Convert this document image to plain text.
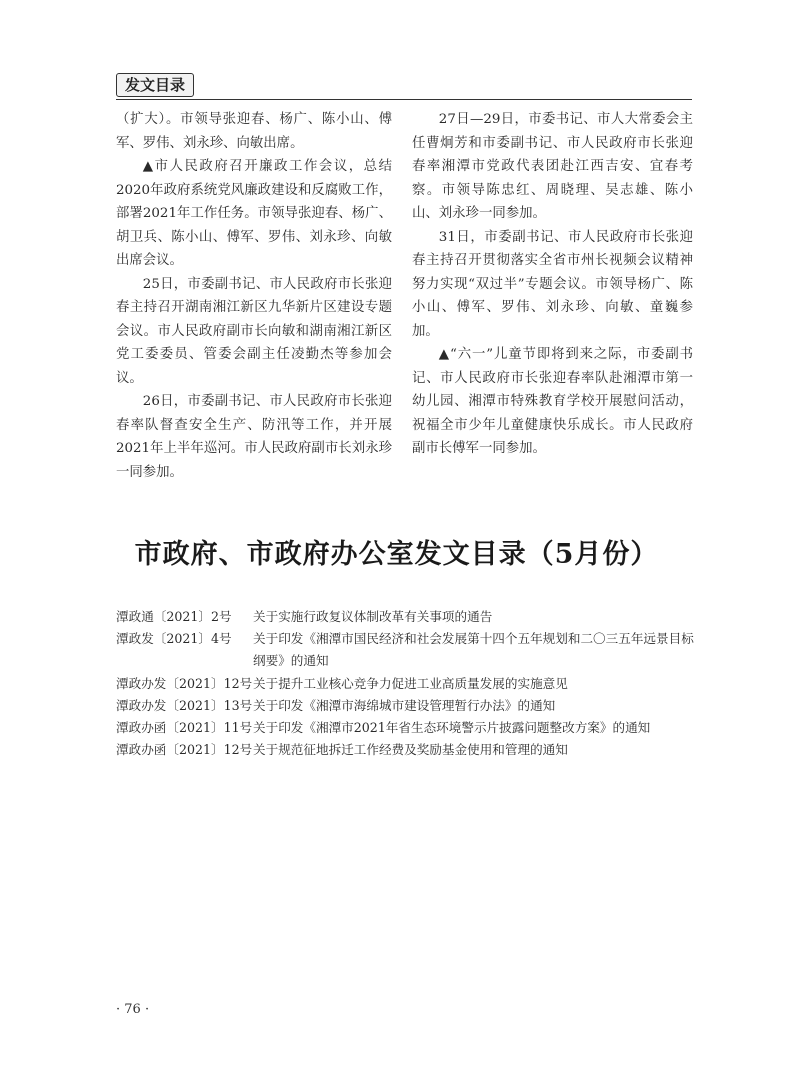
发文目录

（扩大）。市领导张迎春、杨广、陈小山、傅军、罗伟、刘永珍、向敏出席。

▲市人民政府召开廉政工作会议，总结2020年政府系统党风廉政建设和反腐败工作，部署2021年工作任务。市领导张迎春、杨广、胡卫兵、陈小山、傅军、罗伟、刘永珍、向敏出席会议。

25日，市委副书记、市人民政府市长张迎春主持召开湖南湘江新区九华新片区建设专题会议。市人民政府副市长向敏和湖南湘江新区党工委委员、管委会副主任凌勤杰等参加会议。

26日，市委副书记、市人民政府市长张迎春率队督查安全生产、防汛等工作，并开展2021年上半年巡河。市人民政府副市长刘永珍一同参加。

27日—29日，市委书记、市人大常委会主任曹炯芳和市委副书记、市人民政府市长张迎春率湘潭市党政代表团赴江西吉安、宜春考察。市领导陈忠红、周晓理、吴志雄、陈小山、刘永珍一同参加。

31日，市委副书记、市人民政府市长张迎春主持召开贯彻落实全省市州长视频会议精神努力实现“双过半”专题会议。市领导杨广、陈小山、傅军、罗伟、刘永珍、向敏、童巍参加。

▲“六一”儿童节即将到来之际，市委副书记、市人民政府市长张迎春率队赴湘潭市第一幼儿园、湘潭市特殊教育学校开展慰问活动，祝福全市少年儿童健康快乐成长。市人民政府副市长傅军一同参加。

市政府、市政府办公室发文目录（5月份）
潭政通〔2021〕2号	关于实施行政复议体制改革有关事项的通告
潭政发〔2021〕4号	关于印发《湘潭市国民经济和社会发展第十四个五年规划和二〇三五年远景目标纲要》的通知
潭政办发〔2021〕12号 关于提升工业核心竞争力促进工业高质量发展的实施意见
潭政办发〔2021〕13号 关于印发《湘潭市海绵城市建设管理暂行办法》的通知
潭政办函〔2021〕11号 关于印发《湘潭市2021年省生态环境警示片披露问题整改方案》的通知
潭政办函〔2021〕12号 关于规范征地拆迁工作经费及奖励基金使用和管理的通知
· 76 ·
